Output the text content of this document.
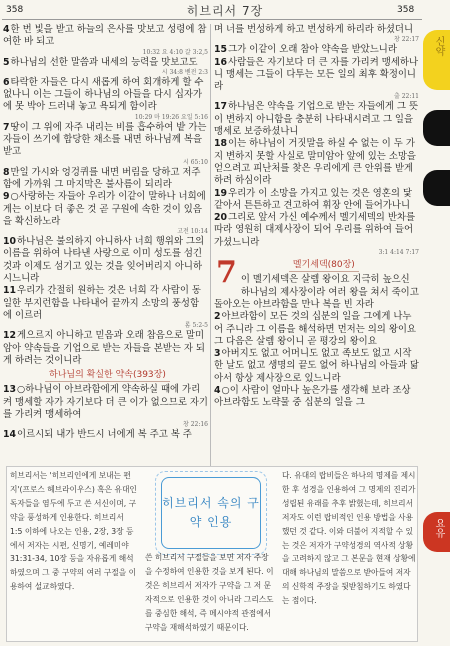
358	히브리서 7장	358
4한 번 빛을 받고 하늘의 은사를 맛보고 성령에 참여한 바 되고
10:32 요 4:10 갈 3:2,5
5하나님의 선한 말씀과 내세의 능력을 맛보고도
시 34:8 벧전 2:3
6타락한 자들은 다시 새롭게 하여 회개하게 할 수 없나니 이는 그들이 하나님의 아들을 다시 십자가에 못 박아 드러내 놓고 욕되게 함이라
10:29 마 19:26 요일 5:16
7땅이 그 위에 자주 내리는 비를 흡수하여 밭 가는 자들이 쓰기에 합당한 채소를 내면 하나님께 복을 받고
시 65:10
8만일 가시와 엉겅퀴를 내면 버림을 당하고 저주함에 가까워 그 마지막은 불사름이 되리라
9○사랑하는 자들아 우리가 이같이 말하나 너희에게는 이보다 더 좋은 것 곧 구원에 속한 것이 있음을 확신하노라
고전 10:14
10하나님은 불의하지 아니하사 너희 행위와 그의 이름을 위하여 나타낸 사랑으로 이미 성도를 섬긴 것과 이제도 섬기고 있는 것을 잊어버리지 아니하시느니라
11우리가 간절히 원하는 것은 너희 각 사람이 동일한 부지런함을 나타내어 끝까지 소망의 풍성함에 이르러
롬 5:2-5
12게으르지 아니하고 믿음과 오래 참음으로 말미암아 약속들을 기업으로 받는 자들을 본받는 자 되게 하려는 것이니라
하나님의 확실한 약속(393장)
13○하나님이 아브라함에게 약속하실 때에 가리켜 맹세할 자가 자기보다 더 큰 이가 없으므로 자기를 가리켜 맹세하여
창 22:16
14이르시되 내가 반드시 너에게 복 주고 복 주
며 너를 번성하게 하고 번성하게 하리라 하셨더니
창 22:17
15그가 이같이 오래 참아 약속을 받았느니라
16사람들은 자기보다 더 큰 자를 가리켜 맹세하나니 맹세는 그들이 다투는 모든 일의 최후 확정이니라
출 22:11
17하나님은 약속을 기업으로 받는 자들에게 그 뜻이 변하지 아니함을 충분히 나타내시려고 그 일을 맹세로 보증하셨나니
18이는 하나님이 거짓말을 하실 수 없는 이 두 가지 변하지 못할 사실로 말미암아 앞에 있는 소망을 얻으려고 피난처를 찾은 우리에게 큰 안위를 받게 하려 하심이라
19우리가 이 소망을 가지고 있는 것은 영혼의 닻 같아서 튼튼하고 견고하여 휘장 안에 들어가나니
20그리로 앞서 가신 예수께서 멜기세덱의 반차를 따라 영원히 대제사장이 되어 우리를 위하여 들어가셨느니라
3:1 4:14 7:17
멜기세덱(80장)
7 이 멜기세덱은 살렘 왕이요 지극히 높으신 하나님의 제사장이라 여러 왕을 쳐서 죽이고 돌아오는 아브라함을 만나 복을 빈 자라
2아브라함이 모든 것의 십분의 일을 그에게 나누어 주니라 그 이름을 해석하면 먼저는 의의 왕이요 그 다음은 살렘 왕이니 곧 평강의 왕이요
3아버지도 없고 어머니도 없고 족보도 없고 시작한 날도 없고 생명의 끝도 없어 하나님의 아들과 닮아서 항상 제사장으로 있느니라
4○이 사람이 얼마나 높은가를 생각해 보라 조상 아브라함도 노략물 중 십분의 일을 그
신약
요유
히브리서는 '히브리인에게 보내는 편지'(프로스 헤브라이우스) 혹은 유대인 독자들을 염두에 두고 쓴 서신이며, 구약을 풍성하게 인용한다. 히브리서 1:5 이하에 나오는 인용, 2장, 3장 등에서 저자는 시편, 신명기, 예레미야 31:31-34, 10장 등을 자유롭게 해석하였으며 그 중 구약의 여러 구절을 이용하여 설교하였다.
히브리서 속의 구약 인용
쓴 히브리서 구절들을 보면 저자 주장을 수정하여 인용한 것을 보게 된다. 이것은 히브리서 저자가 구약을 그 저 문자적으로 인용한 것이 아니라 그리스도를 중심한 해석, 즉 메시야적 관점에서 구약을 재해석하였기 때문이다.
다. 유대의 랍비들은 하나의 명제를 제시한 후 성경을 인용하여 그 명제의 진리가 성립된 유래를 추후 밝혔는데, 히브리서 저자도 이런 랍비적인 인용 방법을 사용했던 것 같다. 이와 더불어 지적할 수 있는 것은 저자가 구약성경의 역사적 상황을 고려하지 않고 그 본문을 현재 상황에 대해 하나님의 말씀으로 받아들여 저자의 신학적 주장을 뒷받침하기도 하였다는 점이다.
